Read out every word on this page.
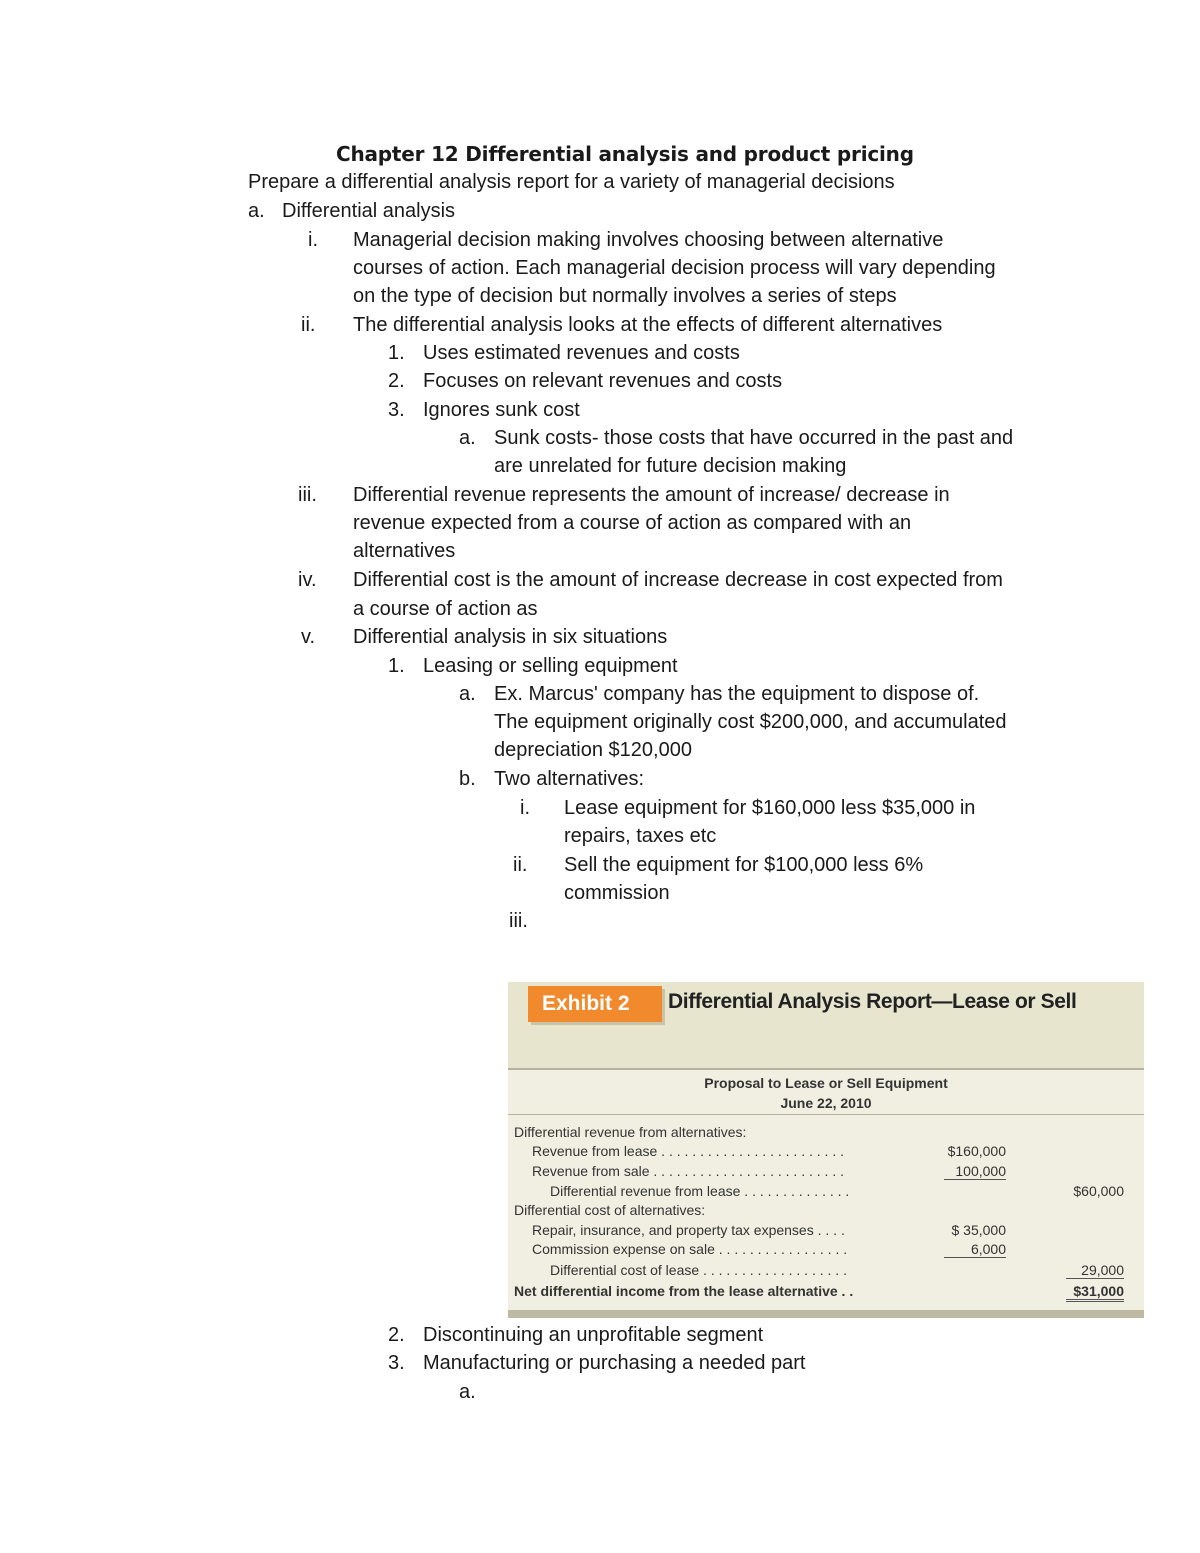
Chapter 12 Differential analysis and product pricing
Prepare a differential analysis report for a variety of managerial decisions
a. Differential analysis
i. Managerial decision making involves choosing between alternative
courses of action. Each managerial decision process will vary depending
on the type of decision but normally involves a series of steps
ii. The differential analysis looks at the effects of different alternatives
1. Uses estimated revenues and costs
2. Focuses on relevant revenues and costs
3. Ignores sunk cost
a. Sunk costs- those costs that have occurred in the past and
are unrelated for future decision making
iii. Differential revenue represents the amount of increase/ decrease in
revenue expected from a course of action as compared with an
alternatives
iv. Differential cost is the amount of increase decrease in cost expected from
a course of action as
v. Differential analysis in six situations
1. Leasing or selling equipment
a. Ex. Marcus' company has the equipment to dispose of.
The equipment originally cost $200,000, and accumulated
depreciation $120,000
b. Two alternatives:
i. Lease equipment for $160,000 less $35,000 in
repairs, taxes etc
ii. Sell the equipment for $100,000 less 6%
commission
iii.
Exhibit 2	Differential Analysis Report—Lease or Sell
Proposal to Lease or Sell Equipment
June 22, 2010
Differential revenue from alternatives:
Revenue from lease . . . . . . . . . . . . . . . . . . . . . . . .	$160,000
Revenue from sale . . . . . . . . . . . . . . . . . . . . . . . . .	100,000
Differential revenue from lease . . . . . . . . . . . . . .	$60,000
Differential cost of alternatives:
Repair, insurance, and property tax expenses . . . .	$ 35,000
Commission expense on sale . . . . . . . . . . . . . . . . .	6,000
Differential cost of lease . . . . . . . . . . . . . . . . . . .	29,000
Net differential income from the lease alternative . .	$31,000
2. Discontinuing an unprofitable segment
3. Manufacturing or purchasing a needed part
a.
